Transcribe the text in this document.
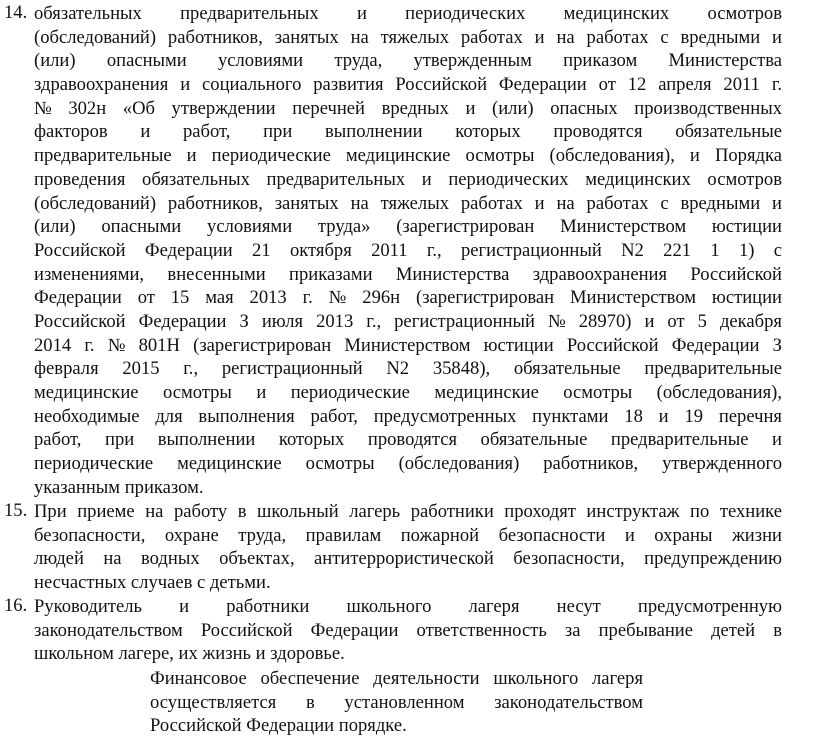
14. обязательных предварительных и периодических медицинских осмотров
(обследований) работников, занятых на тяжелых работах и на работах с вредными и
(или) опасными условиями труда, утвержденным приказом Министерства
здравоохранения и социального развития Российской Федерации от 12 апреля 2011 г.
№ 302н «Об утверждении перечней вредных и (или) опасных производственных
факторов и работ, при выполнении которых проводятся обязательные
предварительные и периодические медицинские осмотры (обследования), и Порядка
проведения обязательных предварительных и периодических медицинских осмотров
(обследований) работников, занятых на тяжелых работах и на работах с вредными и
(или) опасными условиями труда» (зарегистрирован Министерством юстиции
Российской Федерации 21 октября 2011 г., регистрационный N2 221 1 1) с
изменениями, внесенными приказами Министерства здравоохранения Российской
Федерации от 15 мая 2013 г. № 296н (зарегистрирован Министерством юстиции
Российской Федерации З июля 2013 г., регистрационный № 28970) и от 5 декабря
2014 г. № 801Н (зарегистрирован Министерством юстиции Российской Федерации З
февраля 2015 г., регистрационный N2 35848), обязательные предварительные
медицинские осмотры и периодические медицинские осмотры (обследования),
необходимые для выполнения работ, предусмотренных пунктами 18 и 19 перечня
работ, при выполнении которых проводятся обязательные предварительные и
периодические медицинские осмотры (обследования) работников, утвержденного
указанным приказом.
15. При приеме на работу в школьный лагерь работники проходят инструктаж по технике
безопасности, охране труда, правилам пожарной безопасности и охраны жизни
людей на водных объектах, антитеррористической безопасности, предупреждению
несчастных случаев с детьми.
16. Руководитель и работники школьного лагеря несут предусмотренную
законодательством Российской Федерации ответственность за пребывание детей в
школьном лагере, их жизнь и здоровье.
Финансовое обеспечение деятельности школьного лагеря
осуществляется в установленном законодательством
Российской Федерации порядке.
